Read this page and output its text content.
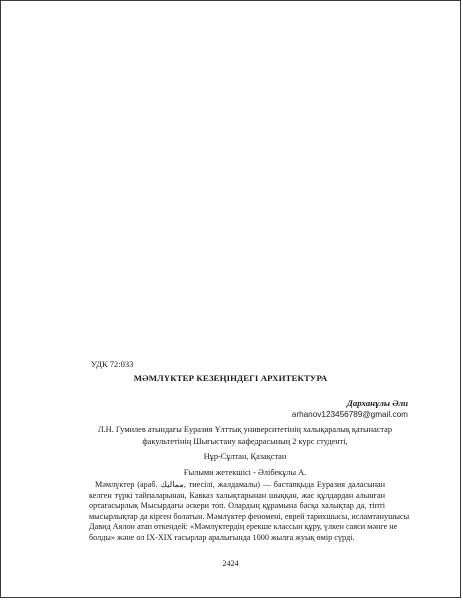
УДК 72:033
МӘМЛҮКТЕР КЕЗЕҢІНДЕГІ АРХИТЕКТУРА
Дарханұлы Әли
arhanov123456789@gmail.com
Л.Н. Гумилев атындағы Еуразия Ұлттық университетінің халықаралық қатынастар
факультетінің Шығыстану кафедрасының 2 курс студенті,
Нұр-Сұлтан, Қазақстан
Ғылыми жетекшісі - Әлібекұлы А.
Мәмлүктер (араб. مماليك, тиесілі, жалдамалы) — бастапқыда Еуразия даласынан
келген түркі тайпаларынан, Кавказ халықтарынан шыққан, жас құлдардан алынған
ортағасырлық Мысырдағы әскери топ. Олардың құрамына басқа халықтар да, тіпті
мысырлықтар да кірген болатын. Мәмлүктер феномені, еврей тарихшысы, исламтанушысы
Давид Аялон атап өткендей: «Мәмлүктердің ерекше классын құру, үлкен саяси мәнге не
болды» және ол IX-XIX ғасырлар аралығында 1000 жылға жуық өмір сүрді.
2424
